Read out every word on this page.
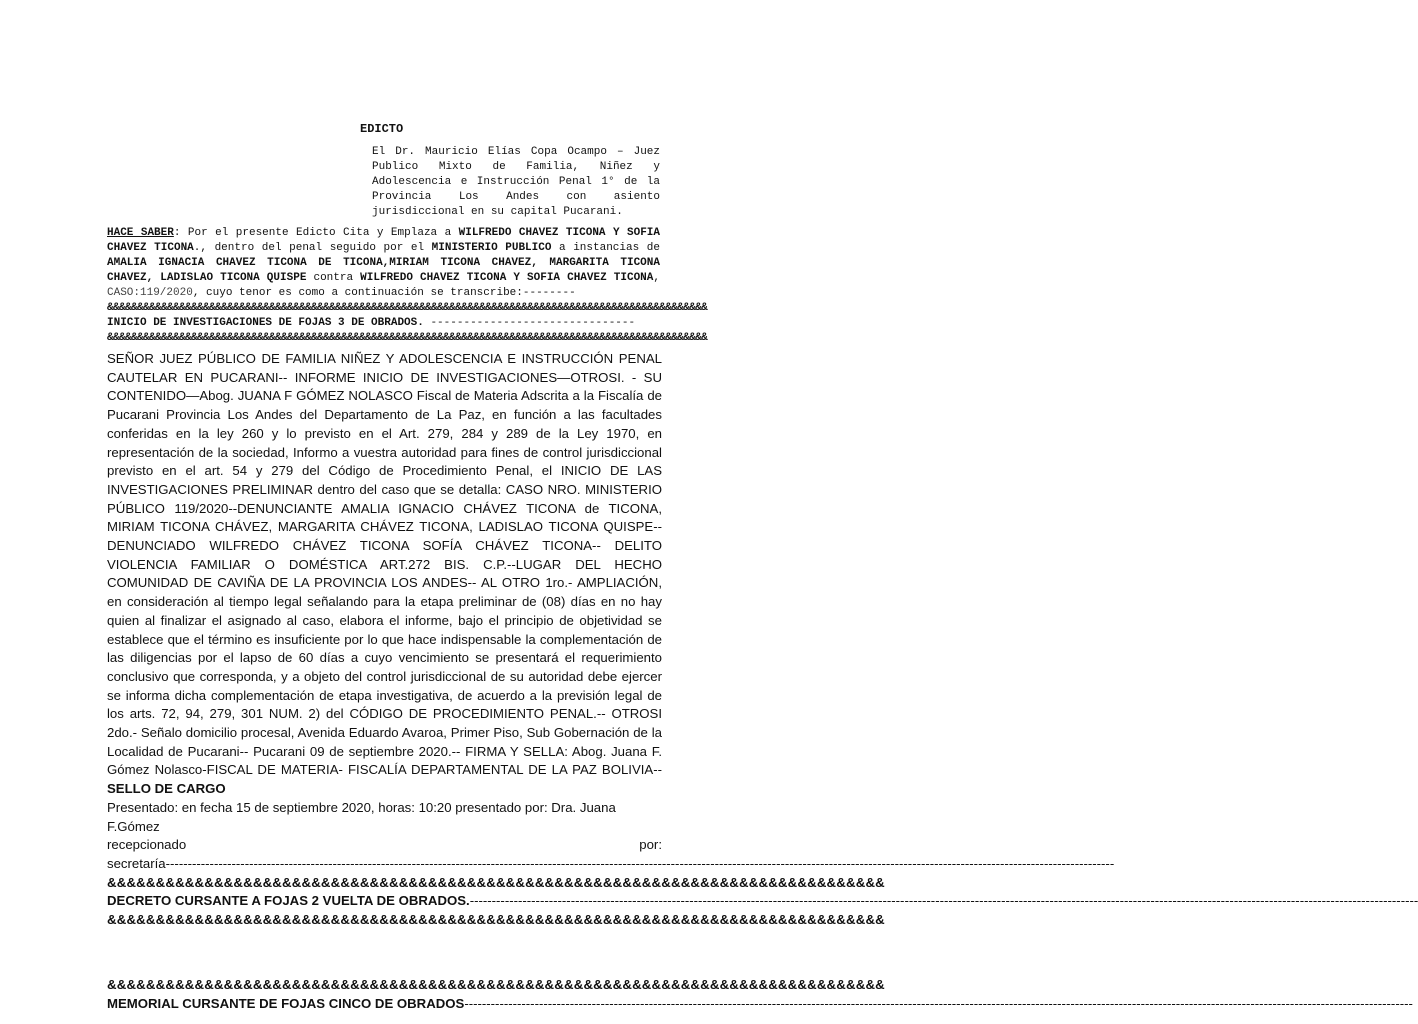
EDICTO

El Dr. Mauricio Elías Copa Ocampo – Juez Publico Mixto de Familia, Niñez y Adolescencia e Instrucción Penal 1° de la Provincia Los Andes con asiento jurisdiccional en su capital Pucarani.

HACE SABER: Por el presente Edicto Cita y Emplaza a WILFREDO CHAVEZ TICONA Y SOFIA CHAVEZ TICONA., dentro del penal seguido por el MINISTERIO PUBLICO a instancias de AMALIA IGNACIA CHAVEZ TICONA DE TICONA,MIRIAM TICONA CHAVEZ, MARGARITA TICONA CHAVEZ, LADISLAO TICONA QUISPE contra WILFREDO CHAVEZ TICONA Y SOFIA CHAVEZ TICONA, CASO:119/2020, cuyo tenor es como a continuación se transcribe:--------

&&&&&&&&&&&&&&&&&&&&&&&&&&&&&&&&&&&&&&&&&&&&&&&&&&&&&&&&&&&&&&&&&&&&&&&&&&&&&&&&&&&&&&&&&&&&&&&&&&&&
INICIO DE INVESTIGACIONES DE FOJAS 3 DE OBRADOS. -------------------------------
&&&&&&&&&&&&&&&&&&&&&&&&&&&&&&&&&&&&&&&&&&&&&&&&&&&&&&&&&&&&&&&&&&&&&&&&&&&&&&&&&&&&&&&&&&&&&&&&&&&&

SEÑOR JUEZ PÚBLICO DE FAMILIA NIÑEZ Y ADOLESCENCIA E INSTRUCCIÓN PENAL CAUTELAR EN PUCARANI-- INFORME INICIO DE INVESTIGACIONES—OTROSI. - SU CONTENIDO—Abog. JUANA F GÓMEZ NOLASCO Fiscal de Materia Adscrita a la Fiscalía de Pucarani Provincia Los Andes del Departamento de La Paz, en función a las facultades conferidas en la ley 260 y lo previsto en el Art. 279, 284 y 289 de la Ley 1970, en representación de la sociedad, Informo a vuestra autoridad para fines de control jurisdiccional previsto en el art. 54 y 279 del Código de Procedimiento Penal, el INICIO DE LAS INVESTIGACIONES PRELIMINAR dentro del caso que se detalla: CASO NRO. MINISTERIO PÚBLICO 119/2020--DENUNCIANTE AMALIA IGNACIO CHÁVEZ TICONA de TICONA, MIRIAM TICONA CHÁVEZ, MARGARITA CHÁVEZ TICONA, LADISLAO TICONA QUISPE--DENUNCIADO WILFREDO CHÁVEZ TICONA SOFÍA CHÁVEZ TICONA-- DELITO VIOLENCIA FAMILIAR O DOMÉSTICA ART.272 BIS. C.P.--LUGAR DEL HECHO COMUNIDAD DE CAVIÑA DE LA PROVINCIA LOS ANDES-- AL OTRO 1ro.- AMPLIACIÓN, en consideración al tiempo legal señalando para la etapa preliminar de (08) días en no hay quien al finalizar el asignado al caso, elabora el informe, bajo el principio de objetividad se establece que el término es insuficiente por lo que hace indispensable la complementación de las diligencias por el lapso de 60 días a cuyo vencimiento se presentará el requerimiento conclusivo que corresponda, y a objeto del control jurisdiccional de su autoridad debe ejercer se informa dicha complementación de etapa investigativa, de acuerdo a la previsión legal de los arts. 72, 94, 279, 301 NUM. 2) del CÓDIGO DE PROCEDIMIENTO PENAL.-- OTROSI 2do.- Señalo domicilio procesal, Avenida Eduardo Avaroa, Primer Piso, Sub Gobernación de la Localidad de Pucarani-- Pucarani 09 de septiembre 2020.-- FIRMA Y SELLA: Abog. Juana F. Gómez Nolasco-FISCAL DE MATERIA- FISCALÍA DEPARTAMENTAL DE LA PAZ BOLIVIA-- SELLO DE CARGO

Presentado: en fecha 15 de septiembre 2020, horas: 10:20 presentado por: Dra. Juana F.Gómez

recepcionado	por:
secretaría ------------------------------------------------------------------------------------------------------------------------------------------------------------------------------------------------------------------------
&&&&&&&&&&&&&&&&&&&&&&&&&&&&&&&&&&&&&&&&&&&&&&&&&&&&&&&&&&&&&&&&&&&&&&&&&&&&&&&&
DECRETO CURSANTE A FOJAS 2 VUELTA DE OBRADOS. ------------------------------------------------------------------------------------------------------------------------------------------------------------------------------------------------------------------------
&&&&&&&&&&&&&&&&&&&&&&&&&&&&&&&&&&&&&&&&&&&&&&&&&&&&&&&&&&&&&&&&&&&&&&&&&&&&&&&&
&&&&&&&&&&&&&&&&&&&&&&&&&&&&&&&&&&&&&&&&&&&&&&&&&&&&&&&&&&&&&&&&&&&&&&&&&&&&&&&&
MEMORIAL CURSANTE DE FOJAS CINCO DE OBRADOS ------------------------------------------------------------------------------------------------------------------------------------------------------------------------------------------------------------------------
